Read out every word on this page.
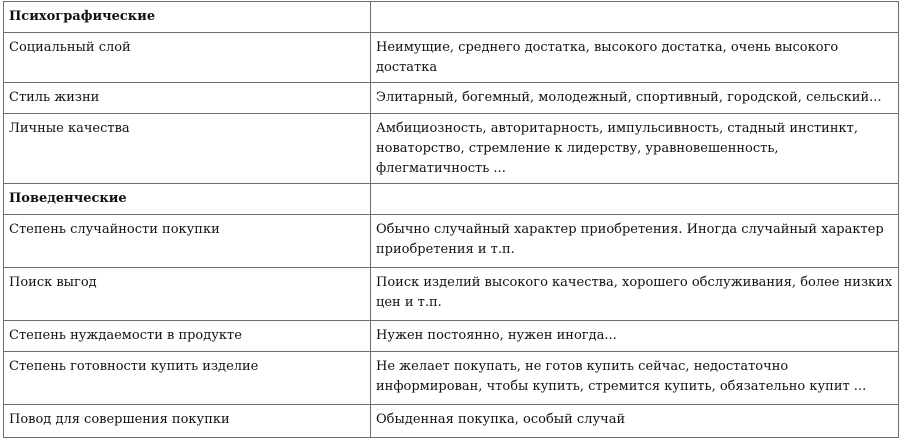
Психографические	
Социальный слой	Неимущие, среднего достатка, высокого достатка, очень высокого достатка
Стиль жизни	Элитарный, богемный, молодежный, спортивный, городской, сельский...
Личные качества	Амбициозность, авторитарность, импульсивность, стадный инстинкт, новаторство, стремление к лидерству, уравновешенность, флегматичность ...
Поведенческие	
Степень случайности покупки	Обычно случайный характер приобретения. Иногда случайный характер приобретения и т.п.
Поиск выгод	Поиск изделий высокого качества, хорошего обслуживания, более низких цен и т.п.
Степень нуждаемости в продукте	Нужен постоянно, нужен иногда...
Степень готовности купить изделие	Не желает покупать, не готов купить сейчас, недостаточно информирован, чтобы купить, стремится купить, обязательно купит ...
Повод для совершения покупки	Обыденная покупка, особый случай
